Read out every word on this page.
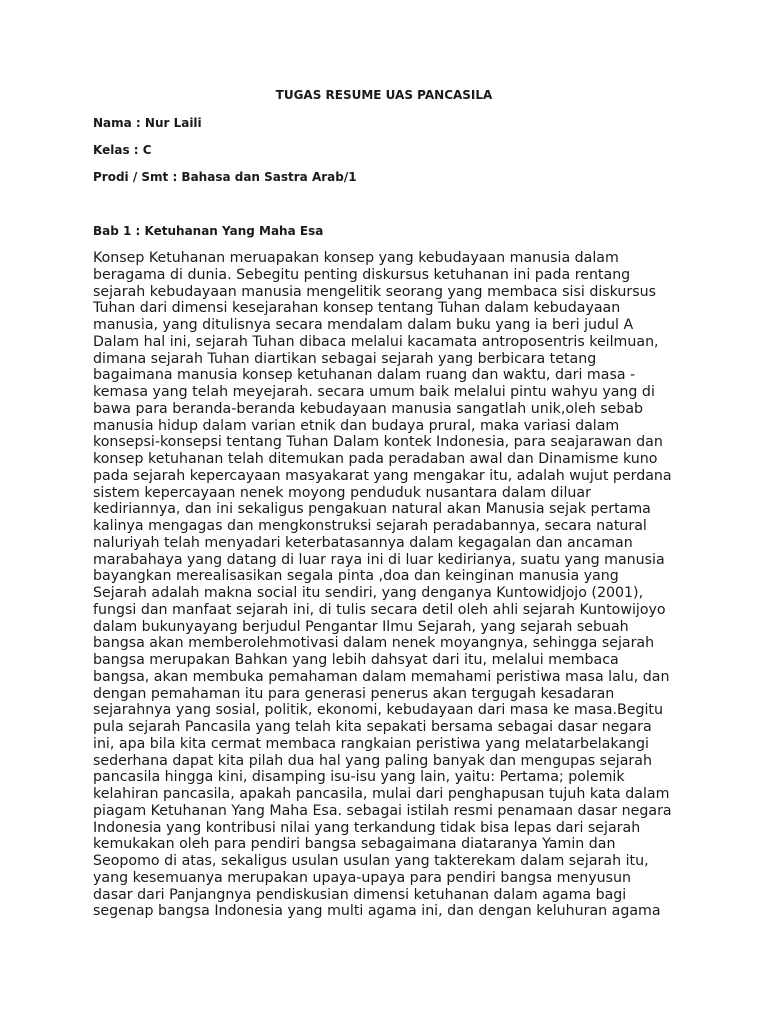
TUGAS RESUME UAS PANCASILA
Nama : Nur Laili
Kelas : C
Prodi / Smt : Bahasa dan Sastra Arab/1
Bab 1 : Ketuhanan Yang Maha Esa
Konsep Ketuhanan meruapakan konsep yang kebudayaan manusia dalam
beragama di dunia. Sebegitu penting diskursus ketuhanan ini pada rentang
sejarah kebudayaan manusia mengelitik seorang yang membaca sisi diskursus
Tuhan dari dimensi kesejarahan konsep tentang Tuhan dalam kebudayaan
manusia, yang ditulisnya secara mendalam dalam buku yang ia beri judul A
Dalam hal ini, sejarah Tuhan dibaca melalui kacamata antroposentris keilmuan,
dimana sejarah Tuhan diartikan sebagai sejarah yang berbicara tetang
bagaimana manusia konsep ketuhanan dalam ruang dan waktu, dari masa -
kemasa yang telah meyejarah. secara umum baik melalui pintu wahyu yang di
bawa para beranda-beranda kebudayaan manusia sangatlah unik,oleh sebab
manusia hidup dalam varian etnik dan budaya prural, maka variasi dalam
konsepsi-konsepsi tentang Tuhan Dalam kontek Indonesia, para seajarawan dan
konsep ketuhanan telah ditemukan pada peradaban awal dan Dinamisme kuno
pada sejarah kepercayaan masyakarat yang mengakar itu, adalah wujut perdana
sistem kepercayaan nenek moyong penduduk nusantara dalam diluar
kediriannya, dan ini sekaligus pengakuan natural akan Manusia sejak pertama
kalinya mengagas dan mengkonstruksi sejarah peradabannya, secara natural
naluriyah telah menyadari keterbatasannya dalam kegagalan dan ancaman
marabahaya yang datang di luar raya ini di luar kedirianya, suatu yang manusia
bayangkan merealisasikan segala pinta ,doa dan keinginan manusia yang
Sejarah adalah makna social itu sendiri, yang denganya Kuntowidjojo (2001),
fungsi dan manfaat sejarah ini, di tulis secara detil oleh ahli sejarah Kuntowijoyo
dalam bukunyayang berjudul Pengantar Ilmu Sejarah, yang sejarah sebuah
bangsa akan memberolehmotivasi dalam nenek moyangnya, sehingga sejarah
bangsa merupakan Bahkan yang lebih dahsyat dari itu, melalui membaca
bangsa, akan membuka pemahaman dalam memahami peristiwa masa lalu, dan
dengan pemahaman itu para generasi penerus akan tergugah kesadaran
sejarahnya yang sosial, politik, ekonomi, kebudayaan dari masa ke masa.Begitu
pula sejarah Pancasila yang telah kita sepakati bersama sebagai dasar negara
ini, apa bila kita cermat membaca rangkaian peristiwa yang melatarbelakangi
sederhana dapat kita pilah dua hal yang paling banyak dan mengupas sejarah
pancasila hingga kini, disamping isu-isu yang lain, yaitu: Pertama; polemik
kelahiran pancasila, apakah pancasila, mulai dari penghapusan tujuh kata dalam
piagam Ketuhanan Yang Maha Esa. sebagai istilah resmi penamaan dasar negara
Indonesia yang kontribusi nilai yang terkandung tidak bisa lepas dari sejarah
kemukakan oleh para pendiri bangsa sebagaimana diataranya Yamin dan
Seopomo di atas, sekaligus usulan usulan yang takterekam dalam sejarah itu,
yang kesemuanya merupakan upaya-upaya para pendiri bangsa menyusun
dasar dari Panjangnya pendiskusian dimensi ketuhanan dalam agama bagi
segenap bangsa Indonesia yang multi agama ini, dan dengan keluhuran agama
